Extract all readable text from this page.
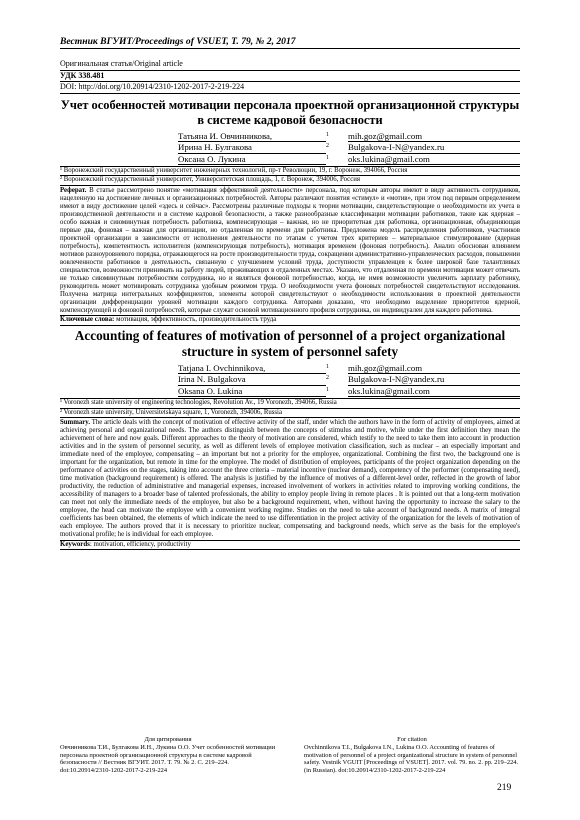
Вестник ВГУИТ/Proceedings of VSUET, Т. 79, № 2, 2017
Оригинальная статья/Original article
УДК 338.481
DOI: http://doi.org/10.20914/2310-1202-2017-2-219-224
Учет особенностей мотивации персонала проектной организационной структуры в системе кадровой безопасности
Татьяна И. Овчинникова,	1	mih.goz@gmail.com
Ирина Н. Булгакова	2	Bulgakova-I-N@yandex.ru
Оксана О. Лукина	1	oks.lukina@gmail.com
¹ Воронежский государственный университет инженерных технологий, пр-т Революции, 19, г. Воронеж, 394066, Россия
² Воронежский государственный университет, Университетская площадь, 1, г. Воронеж, 394006, Россия
Реферат. В статье рассмотрено понятие «мотивация эффективной деятельности» персонала, под которым авторы имеют в виду активность сотрудников, нацеленную на достижение личных и организационных потребностей. Авторы различают понятия «стимул» и «мотив», при этом под первым определением имеют в виду достижение целей «здесь и сейчас». Рассмотрены различные подходы к теории мотивации, свидетельствующие о необходимости их учета в производственной деятельности и в системе кадровой безопасности, а также разнообразные классификации мотивации работников, такие как ядерная – особо важная и сиюминутная потребность работника, компенсирующая – важная, но не приоритетная для работника, организационная, объединяющая первые два, фоновая – важная для организации, но отдаленная по времени для работника. Предложена модель распределения работников, участников проектной организации в зависимости от исполнения деятельности по этапам с учетом трех критериев – материальное стимулирование (ядерная потребность), компетентность исполнителя (компенсирующая потребность), мотивация временем (фоновая потребность). Анализ обоснован влиянием мотивов разноуровневого порядка, отражающегося на росте производительности труда, сокращении административно-управленческих расходов, повышении вовлеченности работников в деятельность, связанную с улучшением условий труда, доступности управленцев к более широкой базе талантливых специалистов, возможности принимать на работу людей, проживающих в отдаленных местах. Указано, что отдаленная по времени мотивация может отвечать не только сиюминутным потребностям сотрудника, но и являться фоновой потребностью, когда, не имея возможности увеличить зарплату работнику, руководитель может мотивировать сотрудника удобным режимом труда. О необходимости учета фоновых потребностей свидетельствуют исследования. Получена матрица интегральных коэффициентов, элементы которой свидетельствуют о необходимости использования в проектной деятельности организации дифференциации уровней мотивации каждого сотрудника. Авторами доказано, что необходимо выделение приоритетов ядерной, компенсирующей и фоновой потребностей, которые служат основой мотивационного профиля сотрудника, он индивидуален для каждого работника.
Ключевые слова: мотивация, эффективность, производительность труда
Accounting of features of motivation of personnel of a project organizational structure in system of personnel safety
Tatjana I. Ovchinnikova,	1	mih.goz@gmail.com
Irina N. Bulgakova	2	Bulgakova-I-N@yandex.ru
Oksana O. Lukina	1	oks.lukina@gmail.com
¹ Voronezh state university of engineering technologies, Revolution Av., 19 Voronezh, 394066, Russia
² Voronezh state university, Universitetskaya square, 1, Voronezh, 394006, Russia
Summary. The article deals with the concept of motivation of effective activity of the staff, under which the authors have in the form of activity of employees, aimed at achieving personal and organizational needs. The authors distinguish between the concepts of stimulus and motive, while under the first definition they mean the achievement of here and now goals. Different approaches to the theory of motivation are considered, which testify to the need to take them into account in production activities and in the system of personnel security, as well as different levels of employee motivation classification, such as nuclear – an especially important and immediate need of the employee, compensating – an important but not a priority for the employee, organizational. Combining the first two, the background one is important for the organization, but remote in time for the employee. The model of distribution of employees, participants of the project organization depending on the performance of activities on the stages, taking into account the three criteria – material incentive (nuclear demand), competency of the performer (compensating need), time motivation (background requirement) is offered. The analysis is justified by the influence of motives of a different-level order, reflected in the growth of labor productivity, the reduction of administrative and managerial expenses, increased involvement of workers in activities related to improving working conditions, the accessibility of managers to a broader base of talented professionals, the ability to employ people living in remote places . It is pointed out that a long-term motivation can meet not only the immediate needs of the employee, but also be a background requirement, when, without having the opportunity to increase the salary to the employee, the head can motivate the employee with a convenient working regime. Studies on the need to take account of background needs. A matrix of integral coefficients has been obtained, the elements of which indicate the need to use differentiation in the project activity of the organization for the levels of motivation of each employee. The authors proved that it is necessary to prioritize nuclear, compensating and background needs, which serve as the basis for the employee's motivational profile; he is individual for each employee.
Keywords: motivation, efficiency, productivity
Для цитирования
Овчинникова Т.И., Булгакова И.Н., Лукина О.О. Учет особенностей мотивации персонала проектной организационной структуры в системе кадровой безопасности // Вестник ВГУИТ. 2017. Т. 79. № 2. С. 219–224. doi:10.20914/2310-1202-2017-2-219-224
For citation
Ovchinnikova T.I., Bulgakova I.N., Lukina O.O. Accounting of features of motivation of personnel of a project organizational structure in system of personnel safety. Vestnik VGUIT [Proceedings of VSUET]. 2017. vol. 79. no. 2. pp. 219–224. (in Russian). doi:10.20914/2310-1202-2017-2-219-224
219
